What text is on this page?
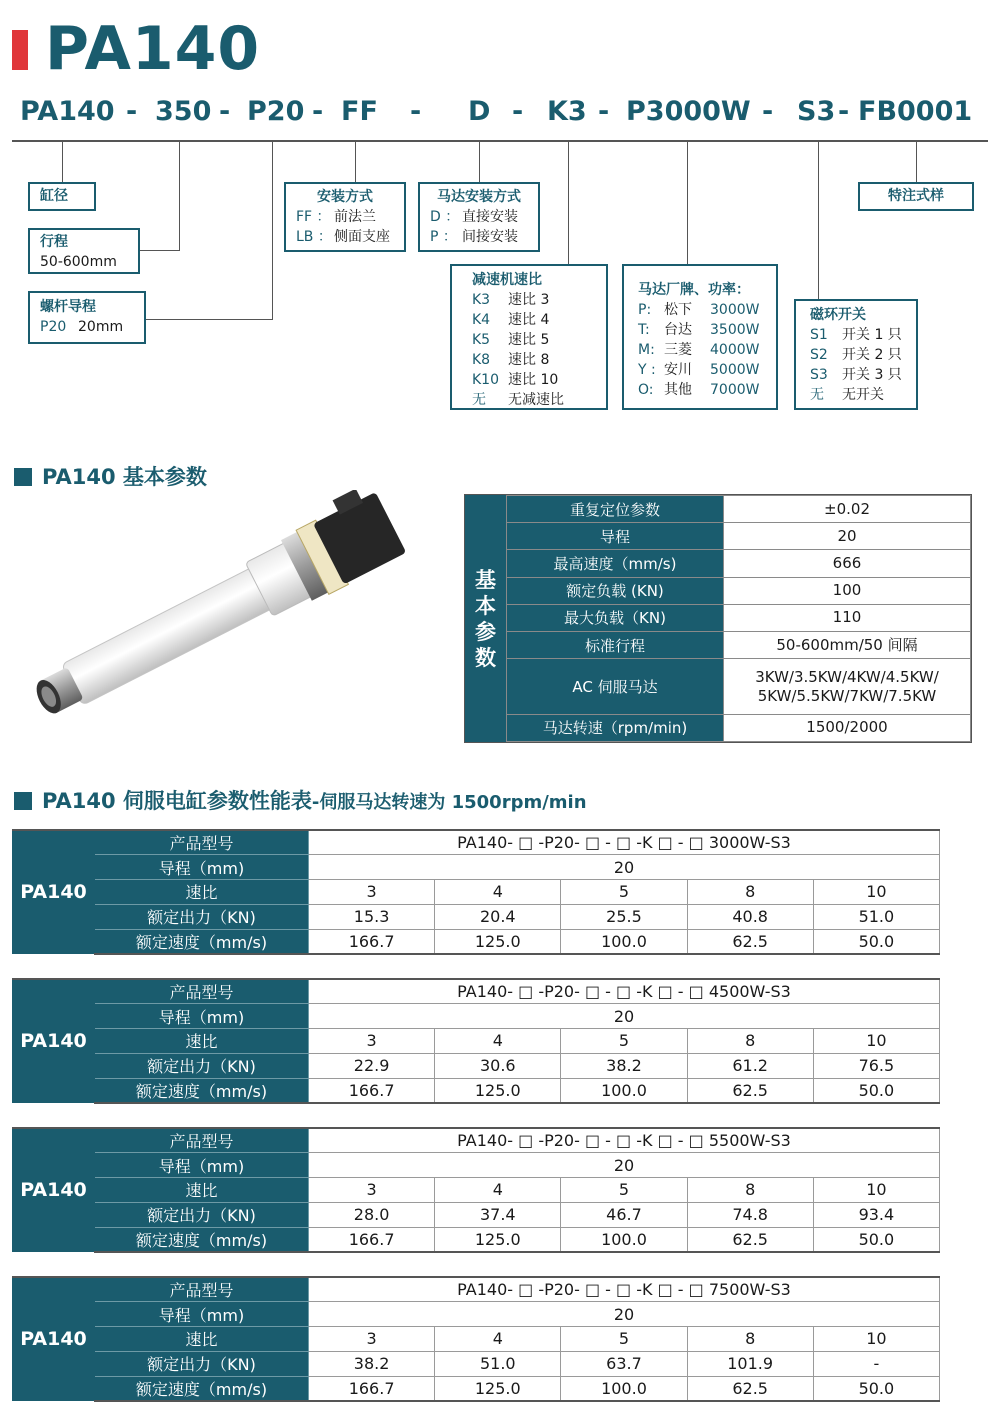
PA140
PA140 - 350 - P20 - FF - D - K3 - P3000W - S3 - FB0001
缸径
行程
50-600mm
螺杆导程
P20 20mm
安装方式
FF ： 前法兰
LB ： 侧面支座
马达安装方式
D ： 直接安装
P ： 间接安装
减速机速比
K3	速比 3
K4	速比 4
K5	速比 5
K8	速比 8
K10 速比 10
无	无减速比
马达厂牌、功率：
P: 松下	3000W
T:	台达	3500W
M: 三菱	4000W
Y : 安川	5000W
O: 其他	7000W
磁环开关
S1	开关 1 只
S2	开关 2 只
S3	开关 3 只
无	无开关
特注式样
PA140 基本参数
基
本
参
数
重复定位参数	±0.02
导程	20
最高速度（mm/s)	666
额定负载 (KN)	100
最大负载（KN)	110
标准行程	50-600mm/50 间隔
AC 伺服马达	3KW/3.5KW/4KW/4.5KW/
5KW/5.5KW/7KW/7.5KW

马达转速（rpm/min)	1500/2000
PA140 伺服电缸参数性能表-伺服马达转速为 1500rpm/min
PA140	产品型号	PA140- □ -P20- □ - □ -K □ - □ 3000W-S3				
	导程（mm)	20				
	速比	3	4	5	8	10
	额定出力（KN)	15.3	20.4	25.5	40.8	51.0
	额定速度（mm/s)	166.7	125.0	100.0	62.5	50.0
PA140	产品型号	PA140- □ -P20- □ - □ -K □ - □ 4500W-S3				
	导程（mm)	20				
	速比	3	4	5	8	10
	额定出力（KN)	22.9	30.6	38.2	61.2	76.5
	额定速度（mm/s)	166.7	125.0	100.0	62.5	50.0
PA140	产品型号	PA140- □ -P20- □ - □ -K □ - □ 5500W-S3				
	导程（mm)	20				
	速比	3	4	5	8	10
	额定出力（KN)	28.0	37.4	46.7	74.8	93.4
	额定速度（mm/s)	166.7	125.0	100.0	62.5	50.0
PA140	产品型号	PA140- □ -P20- □ - □ -K □ - □ 7500W-S3				
	导程（mm)	20				
	速比	3	4	5	8	10
	额定出力（KN)	38.2	51.0	63.7	101.9	-
	额定速度（mm/s)	166.7	125.0	100.0	62.5	50.0
